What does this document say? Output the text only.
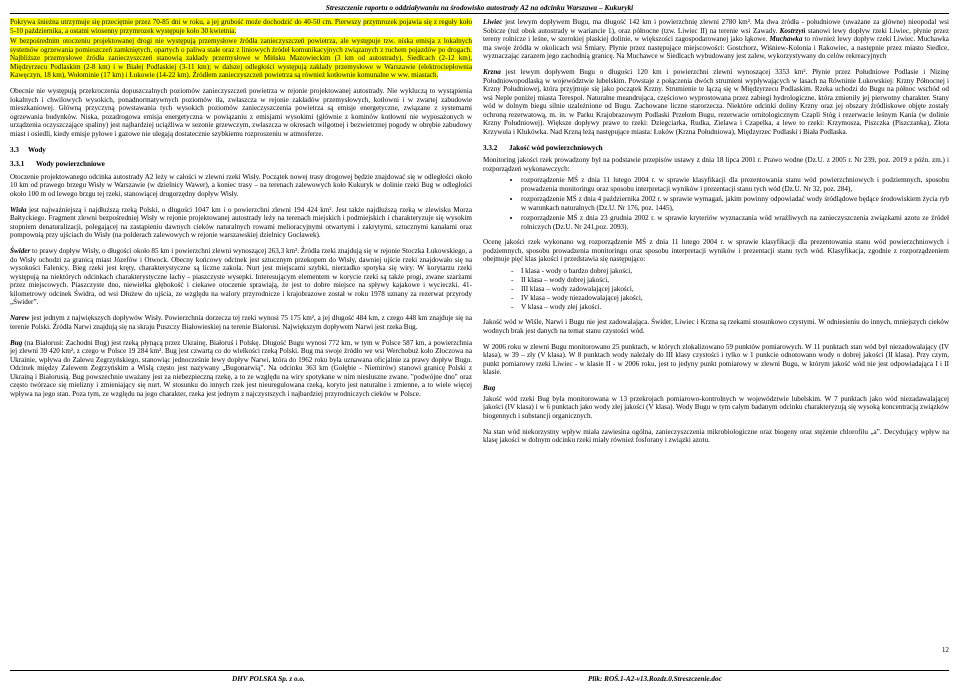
Streszczenie raportu o oddziaływaniu na środowisko autostrady A2 na odcinku Warszawa – Kukuryki

Pokrywa śnieżna utrzymuje się przeciętnie przez 70-85 dni w roku, a jej grubość może dochodzić do 40-50 cm. Pierwszy przymrozek pojawia się z reguły koło 5-10 października, a ostatni wiosenny przymrozek występuje koło 30 kwietnia.

W bezpośrednim otoczeniu projektowanej drogi nie występują przemysłowe źródła zanieczyszczeń powietrza, ale występuje tzw. niska emisja z lokalnych systemów ogrzewania pomieszczeń zamkniętych, opartych o paliwa stałe oraz z liniowych źródeł komunikacyjnych związanych z ruchem pojazdów po drogach. Najbliższe przemysłowe źródła zanieczyszczeń stanowią zakłady przemysłowe w Mińsku Mazowieckim (3 km od autostrady), Siedlcach (2-12 km), Międzyrzecu Podlaskim (2-8 km) i w Białej Podlaskiej (3-11 km); w dalszej odległości występują zakłady przemysłowe w Warszawie (elektrociepłownia Kawęczyn, 18 km), Wołominie (17 km) i Łukowie (14-22 km). Źródłem zanieczyszczeń powietrza są również kotłownie komunalne w ww. miastach.

Obecnie nie występują przekroczenia dopuszczalnych poziomów zanieczyszczeń powietrza w rejonie projektowanej autostrady. Nie wykluczą to wystąpienia lokalnych i chwilowych wysokich, ponadnormatywnych poziomów tła, zwłaszcza w rejonie zakładów przemysłowych, kotłowni i w zwartej zabudowie mieszkaniowej. Główną przyczyną powstawania tych wysokich poziomów zanieczyszczenia powietrza są emisje energetyczne, związane z systemami ogrzewania budynków. Niska, pozadrogowa emisja energetyczna w powiązaniu z emisjami wysokimi (głównie z kominów kotłowni nie wyposażonych w urządzenia oczyszczające spaliny) jest najbardziej uciążliwa w sezonie grzewczym, zwłaszcza w okresach wilgotnej i bezwietrznej pogody w obrębie zabudowy miast i osiedli, kiedy emisje pyłowe i gazowe nie ulegają dostatecznie szybkiemu rozproszeniu w atmosferze.

3.3 Wody
3.3.1 Wody powierzchniowe

Otoczenie projektowanego odcinka autostrady A2 leży w całości w zlewni rzeki Wisły. Początek nowej trasy drogowej będzie znajdować się w odległości około 10 km od prawego brzegu Wisły w Warszawie (w dzielnicy Wawer), a koniec trasy – na terenach zalewowych koło Kukuryk w dolinie rzeki Bug w odległości około 100 m od lewego brzgu tej rzeki, stanowiącej drugorzędny dopływ Wisły.

Wisła jest najważniejszą i najdłuższą rzeką Polski, o długości 1047 km i o powierzchni zlewni 194 424 km². Jest także najdłuższą rzeką w zlewisku Morza Bałtyckiego. Fragment zlewni bezpośredniej Wisły w rejonie projektowanej autostrady leży na terenach miejskich i podmiejskich i charakteryzuje się wysokim stopniem denaturalizacji, polegającej na zastąpieniu dawnych cieków naturalnych rowami melioracyjnymi otwartymi i zakrytymi, sztucznymi kanałami oraz pompownią przy ujściach do Wisły (na polderach zalewowych w rejonie warszawskiej dzielnicy Gocławek).

Świder to prawy dopływ Wisły, o długości około 85 km i powierzchni zlewni wynoszącej 263,3 km². Źródła rzeki znajdują się w rejonie Stoczka Łukowskiego, a do Wisły uchodzi za granicą miast Józefów i Otwock. Obecny końcowy odcinek jest sztucznym przekopem do Wisły, dawniej ujście rzeki znajdowało się na wysokości Falenicy. Bieg rzeki jest kręty, charakterystyczne są liczne zakola. Nurt jest miejscami szybki, nierzadko spotyka się wiry. W korytarzu rzeki występują na niektórych odcinkach charakterystyczne łachy - piaszczyste wysepki. Interesującym elementem w korycie rzeki są także progi, zwane szarżami przez miejscowych. Piaszczyste dno, niewielka głębokość i ciekawe otoczenie sprawiają, że jest to dobre miejsce na spływy kajakowe i wycieczki. 41-kilometrowy odcinek Świdra, od wsi Dłużew do ujścia, ze względu na walory przyrodnicze i krajobrazowe został w roku 1978 uznany za rezerwat przyrody „Świder”.

Narew jest jednym z największych dopływów Wisły. Powierzchnia dorzecza tej rzeki wynosi 75 175 km², a jej długość 484 km, z czego 448 km znajduje się na terenie Polski. Źródła Narwi znajdują się na skraju Puszczy Białowieskiej na terenie Białorusi. Największym dopływem Narwi jest rzeka Bug.

Bug (na Białorusi: Zachodni Bug) jest rzeką płynącą przez Ukrainę, Białoruś i Polskę. Długość Bugu wynosi 772 km, w tym w Polsce 587 km, a powierzchnia jej zlewni 39 420 km², z czego w Polsce 19 284 km². Bug jest czwartą co do wielkości rzeką Polski. Bug ma swoje źródło we wsi Werchobuż koło Złoczowa na Ukrainie, wpływa do Zalewu Zegrzyńskiego, stanowiąc jednocześnie lewy dopływ Narwi, która do 1962 roku była uznawana oficjalnie za prawy dopływ Bugu. Odcinek między Zalewem Zegrzyńskim a Wisłą często jest nazywany „Bugonarwią”. Na odcinku 363 km (Gołębie - Niemirów) stanowi granicę Polski z Ukrainą i Białorusią. Bug powszechnie uważany jest za niebezpieczną rzekę, a to ze względu na wiry spotykane w nim niesłuszne zwane. "podwójne dno" oraz często twórzace się mielizny i zmieniający się nurt. W stosunku do innych rzek jest nieuregulowana rzeką, koryto jest naturalne i zmienne, a to wiele więcej wpływa na jego stan. Poza tym, ze względu na jego charakter, rzeka jest jednym z najczystszych i najbardziej przyrodniczych cieków w Polsce.

Liwiec jest lewym dopływem Bugu, ma długość 142 km i powierzchnię zlewni 2780 km². Ma dwa źródła - południowe (uważane za główne) nieopodal wsi Sobicze (tuż obok autostrady w wariancie 1), oraz północne (tzw. Liwiec II) na terenie wsi Zawady. Kostrzyń stanowi lewy dopływ rzeki Liwiec, płynie przez tereny rolnicze i leśne, w szerokiej płaskiej dolinie, w większości zagospodarowanej jako łąkowe. Muchawka to również lewy dopływ rzeki Liwiec. Muchawka ma swoje źródła w okolicach wsi Śmiary. Płynie przez następujące miejscowości: Gostchorz, Wiśniew-Kolonia i Rakowiec, a następnie przez miasto Siedlce, wyznaczając zarazem jego zachodnią granicę. Na Muchawce w Siedlcach wybudowany jest zalew, wykorzystywany do celów rekreacyjnych

Krzna jest lewym dopływem Bugu o długości 120 km i powierzchni zlewni wynoszącej 3353 km². Płynie przez Południowe Podlasie i Nizinę Południowopodlaską w województwie lubelskim. Powstaje z połączenia dwóch strumieni wypływających w lasach na Równinie Łukowskiej: Krzny Północnej i Krzny Południowej, która przyjmuje się jako początek Krzny. Strumienie te łączą się w Międzyrzecu Podlaskim. Rzeka uchodzi do Bugu na północ wschód od wsi Neple poniżej miasta Terespol. Naturalne meandrująca, częściowo wyprostowana przez zabiegi hydrologiczne, która zmieniły jej pierwotny charakter. Stany wód w dolnym biegu silnie uzależnione od Bugu. Zachowane liczne starorzecza. Niektóre odcinki doliny Krzny oraz jej obszary źródliskowe objęte zostały ochroną rezerwatową, m. in. w Parku Krajobrazowym Podlaski Przełom Bugu, rezerwacie ornitologicznym Czapli Stóg i rezerwacie leśnym Kania (w dolinie Krzny Południowej). Większe dopływy prawe to rzeki: Dziegciarka, Rudka, Zielawa i Czapelka, a lewe to rzeki: Krzymosza, Piszczka (Piszczanka), Złota Krzywula i Klukówka. Nad Krzną leżą następujące miasta: Łuków (Krzna Południowa), Międzyrzec Podlaski i Biała Podlaska.

3.3.2 Jakość wód powierzchniowych

Monitoring jakości rzek prowadzony był na podstawie przepisów ustawy z dnia 18 lipca 2001 r. Prawo wodne (Dz.U. z 2005 r. Nr 239, poz. 2019 z późn. zm.) i rozporządzeń wykonawczych:

• rozporządzenie MŚ z dnia 11 lutego 2004 r. w sprawie klasyfikacji dla prezentowania stanu wód powierzchniowych i podziemnych, sposobu prowadzenia monitoringu oraz sposobu interpretacji wyników i prezentacji stanu tych wód (Dz.U. Nr 32, poz. 284),
• rozporządzenie MŚ z dnia 4 października 2002 r. w sprawie wymagań, jakim powinny odpowiadać wody śródlądowe będące środowiskiem życia ryb w warunkach naturalnych (Dz.U. Nr 176, poz. 1445),
• rozporządzenie MŚ z dnia 23 grudnia 2002 r. w sprawie kryteriów wyznaczania wód wrażliwych na zanieczyszczenia związkami azotu ze źródeł rolniczych (Dz.U. Nr 241,poz. 2093).

Ocenę jakości rzek wykonano wg rozporządzenie MŚ z dnia 11 lutego 2004 r. w sprawie klasyfikacji dla prezentowania stanu wód powierzchniowych i podziemnych, sposobu prowadzenia monitoringu oraz sposobu interpretacji wyników i prezentacji stanu tych wód. Klasyfikacja, zgodnie z rozporządzeniem obejmuje pięć klas jakości i przedstawia się następująco:

- I klasa - wody o bardzo dobrej jakości,
- II klasa – wody dobrej jakości,
- III klasa – wody zadowalającej jakości,
- IV klasa – wody niezadowalającej jakości,
- V klasa – wody złej jakości.

Jakość wód w Wiśle, Narwi i Bugu nie jest zadowalająca. Świder, Liwiec i Krzna są rzekami stosunkowo czystymi. W odniesieniu do innych, mniejszych cieków wodnych brak jest danych na temat stanu czystości wód.

W 2006 roku w zlewni Bugu monitorowano 25 punktach, w których zlokalizowano 59 punktów pomiarowych. W 11 punktach stan wód był niezadowalający (IV klasa), w 39 – zły (V klasa). W 8 punktach wody należały do III klasy czystości i tylko w 1 punkcie odnotowano wody o dobrej jakości (II klasa). Przy czym, punkt pomiarowy rzeki Liwiec - w klasie II - w 2006 roku, jest to jedyny punkt pomiarowy w zlewni Bugu, w którym jakość wód nie jest odpowiadająca I i II klasie.

Bug

Jakość wód rzeki Bug była monitorowana w 13 przekrojach pomiarowo-kontrolnych w województwie lubelskim. W 7 punktach jako wód niezadawalającej jakości (IV klasa) i w 6 punktach jako wody złej jakości (V klasa). Wody Bugu w tym całym badanym odcinku charakteryzują się wysoką koncentracją związków biogennych i substancji organicznych.

Na stan wód niekorzystny wpływ miała zawiesina ogólna, zanieczyszczenia mikrobiologiczne oraz biogeny oraz stężenie chlorofilu „a”. Decydujący wpływ na klasę jakości w dolnym odcinku rzeki miały również fosforany i związki azotu.

12
DHV POLSKA Sp. z o.o.	Plik: ROŚ.1-A2-v13.Rozdz.0.Streszczenie.doc
